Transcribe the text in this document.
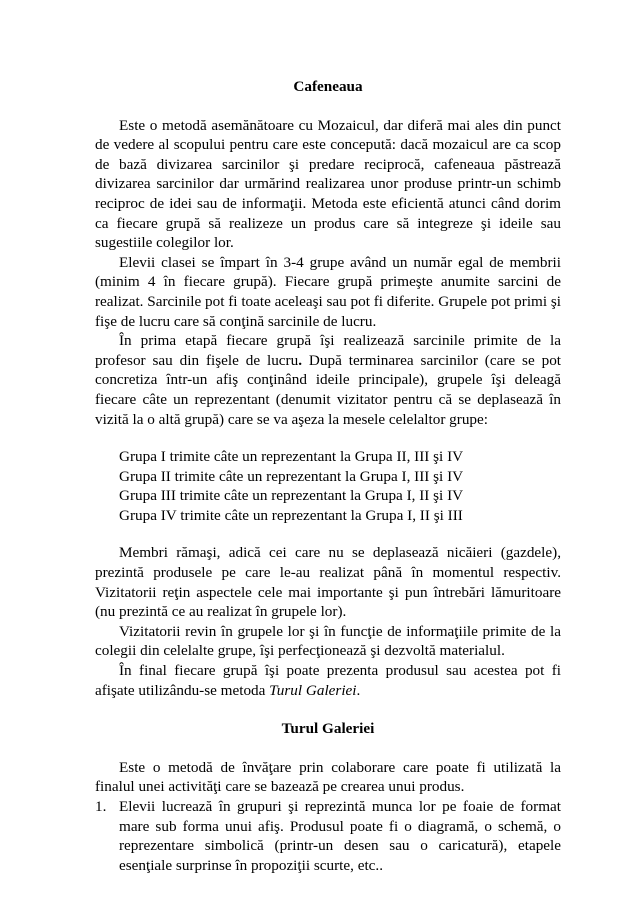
Cafeneaua

Este o metodă asemănătoare cu Mozaicul, dar diferă mai ales din punct de vedere al scopului pentru care este concepută: dacă mozaicul are ca scop de bază divizarea sarcinilor şi predare reciprocă, cafeneaua păstrează divizarea sarcinilor dar urmărind realizarea unor produse printr-un schimb reciproc de idei sau de informaţii. Metoda este eficientă atunci când dorim ca fiecare grupă să realizeze un produs care să integreze şi ideile sau sugestiile colegilor lor.

Elevii clasei se împart în 3-4 grupe având un număr egal de membrii (minim 4 în fiecare grupă). Fiecare grupă primeşte anumite sarcini de realizat. Sarcinile pot fi toate aceleaşi sau pot fi diferite. Grupele pot primi şi fişe de lucru care să conţină sarcinile de lucru.

În prima etapă fiecare grupă îşi realizează sarcinile primite de la profesor sau din fişele de lucru. După terminarea sarcinilor (care se pot concretiza într-un afiş conţinând ideile principale), grupele îşi deleagă fiecare câte un reprezentant (denumit vizitator pentru că se deplasează în vizită la o altă grupă) care se va aşeza la mesele celelaltor grupe:

Grupa I trimite câte un reprezentant la Grupa II, III şi IV
Grupa II trimite câte un reprezentant la Grupa I, III şi IV
Grupa III trimite câte un reprezentant la Grupa I, II şi IV
Grupa IV trimite câte un reprezentant la Grupa I, II şi III

Membri rămaşi, adică cei care nu se deplasează nicăieri (gazdele), prezintă produsele pe care le-au realizat până în momentul respectiv. Vizitatorii reţin aspectele cele mai importante şi pun întrebări lămuritoare (nu prezintă ce au realizat în grupele lor).

Vizitatorii revin în grupele lor şi în funcţie de informaţiile primite de la colegii din celelalte grupe, îşi perfecţionează şi dezvoltă materialul.

În final fiecare grupă îşi poate prezenta produsul sau acestea pot fi afişate utilizându-se metoda Turul Galeriei.

Turul Galeriei

Este o metodă de învăţare prin colaborare care poate fi utilizată la finalul unei activităţi care se bazează pe crearea unui produs.

1. Elevii lucrează în grupuri şi reprezintă munca lor pe foaie de format mare sub forma unui afiş. Produsul poate fi o diagramă, o schemă, o reprezentare simbolică (printr-un desen sau o caricatură), etapele esenţiale surprinse în propoziţii scurte, etc..
